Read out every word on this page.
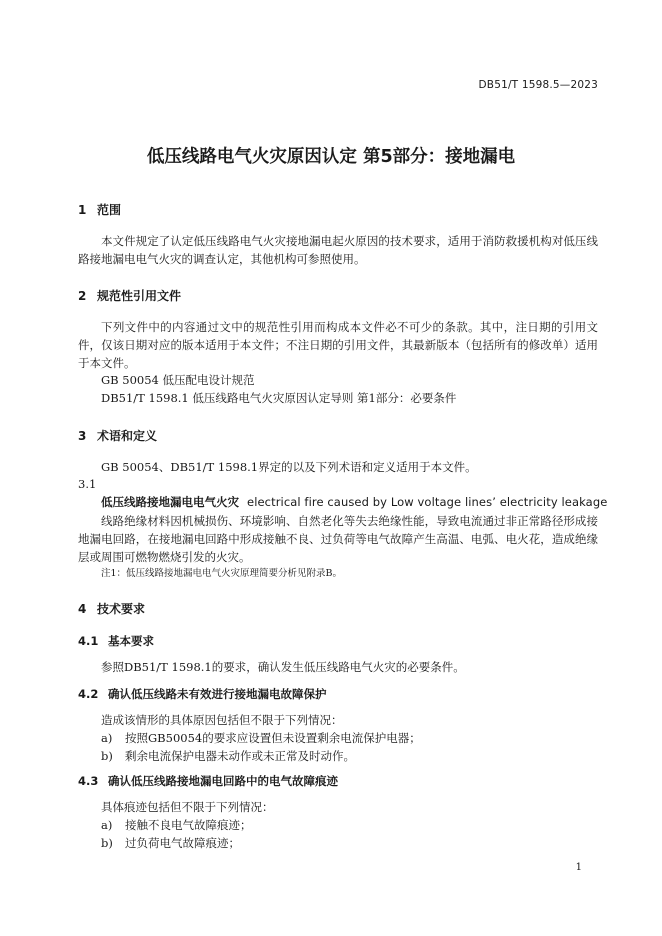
DB51/T 1598.5—2023
低压线路电气火灾原因认定 第5部分：接地漏电
1 范围
本文件规定了认定低压线路电气火灾接地漏电起火原因的技术要求，适用于消防救援机构对低压线路接地漏电电气火灾的调查认定，其他机构可参照使用。
2 规范性引用文件
下列文件中的内容通过文中的规范性引用而构成本文件必不可少的条款。其中，注日期的引用文件，仅该日期对应的版本适用于本文件；不注日期的引用文件，其最新版本（包括所有的修改单）适用于本文件。
GB 50054 低压配电设计规范
DB51/T 1598.1 低压线路电气火灾原因认定导则 第1部分：必要条件
3 术语和定义
GB 50054、DB51/T 1598.1界定的以及下列术语和定义适用于本文件。
3.1
低压线路接地漏电电气火灾 electrical fire caused by Low voltage lines’ electricity leakage
线路绝缘材料因机械损伤、环境影响、自然老化等失去绝缘性能，导致电流通过非正常路径形成接地漏电回路，在接地漏电回路中形成接触不良、过负荷等电气故障产生高温、电弧、电火花，造成绝缘层或周围可燃物燃烧引发的火灾。
注1：低压线路接地漏电电气火灾原理简要分析见附录B。
4 技术要求
4.1 基本要求
参照DB51/T 1598.1的要求，确认发生低压线路电气火灾的必要条件。
4.2 确认低压线路未有效进行接地漏电故障保护
造成该情形的具体原因包括但不限于下列情况：
a) 按照GB50054的要求应设置但未设置剩余电流保护电器；
b) 剩余电流保护电器未动作或未正常及时动作。
4.3 确认低压线路接地漏电回路中的电气故障痕迹
具体痕迹包括但不限于下列情况：
a) 接触不良电气故障痕迹；
b) 过负荷电气故障痕迹；
1
